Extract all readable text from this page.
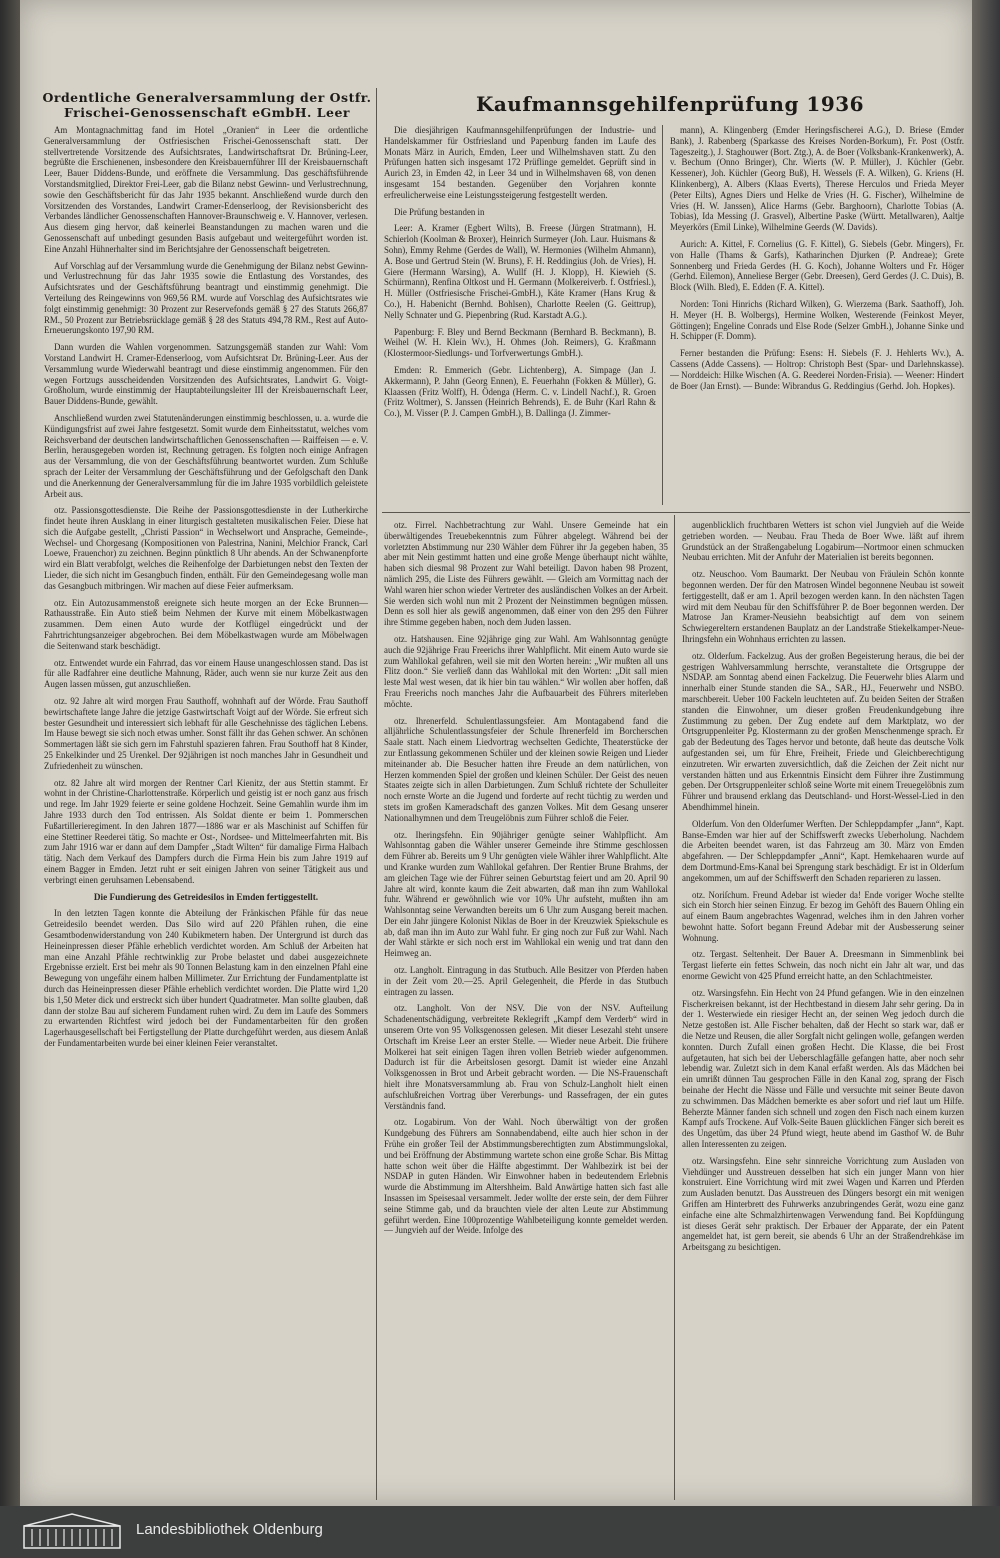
Ordentliche Generalversammlung der Ostfr. Frischei-Genossenschaft eGmbH. Leer	Kaufmannsgehilfenprüfung 1936

Am Montagnachmittag fand im Hotel „Oranien“ in Leer die ordentliche Generalversammlung der Ostfriesischen Frischei-Genossenschaft statt. Der stellvertretende Vorsitzende des Aufsichtsrates, Landwirtschaftsrat Dr. Brüning-Leer, begrüßte die Erschienenen, insbesondere den Kreisbauernführer III der Kreisbauernschaft Leer, Bauer Diddens-Bunde, und eröffnete die Versammlung. Das geschäftsführende Vorstandsmitglied, Direktor Frei-Leer, gab die Bilanz nebst Gewinn- und Verlustrechnung, sowie den Geschäftsbericht für das Jahr 1935 bekannt. Anschließend wurde durch den Vorsitzenden des Vorstandes, Landwirt Cramer-Edenserloog, der Revisionsbericht des Verbandes ländlicher Genossenschaften Hannover-Braunschweig e. V. Hannover, verlesen. Aus diesem ging hervor, daß keinerlei Beanstandungen zu machen waren und die Genossenschaft auf unbedingt gesunden Basis aufgebaut und weitergeführt worden ist. Eine Anzahl Hühnerhalter sind im Berichtsjahre der Genossenschaft beigetreten.

Auf Vorschlag auf der Versammlung wurde die Genehmigung der Bilanz nebst Gewinn- und Verlustrechnung für das Jahr 1935 sowie die Entlastung des Vorstandes, des Aufsichtsrates und der Geschäftsführung beantragt und einstimmig genehmigt. Die Verteilung des Reingewinns von 969,56 RM. wurde auf Vorschlag des Aufsichtsrates wie folgt einstimmig genehmigt: 30 Prozent zur Reservefonds gemäß § 27 des Statuts 266,87 RM., 50 Prozent zur Betriebsrücklage gemäß § 28 des Statuts 494,78 RM., Rest auf Auto-Erneuerungskonto 197,90 RM.

Dann wurden die Wahlen vorgenommen. Satzungsgemäß standen zur Wahl: Vom Vorstand Landwirt H. Cramer-Edenserloog, vom Aufsichtsrat Dr. Brüning-Leer. Aus der Versammlung wurde Wiederwahl beantragt und diese einstimmig angenommen. Für den wegen Fortzugs ausscheidenden Vorsitzenden des Aufsichtsrates, Landwirt G. Voigt-Großholum, wurde einstimmig der Hauptabteilungsleiter III der Kreisbauernschaft Leer, Bauer Diddens-Bunde, gewählt.

Anschließend wurden zwei Statutenänderungen einstimmig beschlossen, u. a. wurde die Kündigungsfrist auf zwei Jahre festgesetzt. Somit wurde dem Einheitsstatut, welches vom Reichsverband der deutschen landwirtschaftlichen Genossenschaften — Raiffeisen — e. V. Berlin, herausgegeben worden ist, Rechnung getragen. Es folgten noch einige Anfragen aus der Versammlung, die von der Geschäftsführung beantwortet wurden. Zum Schluße sprach der Leiter der Versammlung der Geschäftsführung und der Gefolgschaft den Dank und die Anerkennung der Generalversammlung für die im Jahre 1935 vorbildlich geleistete Arbeit aus.

otz. Passionsgottesdienste. Die Reihe der Passionsgottesdienste in der Lutherkirche findet heute ihren Ausklang in einer liturgisch gestalteten musikalischen Feier. Diese hat sich die Aufgabe gestellt, „Christi Passion“ in Wechselwort und Ansprache, Gemeinde-, Wechsel- und Chorgesang (Kompositionen von Palestrina, Nanini, Melchior Franck, Carl Loewe, Frauenchor) zu zeichnen. Beginn pünktlich 8 Uhr abends. An der Schwanenpforte wird ein Blatt verabfolgt, welches die Reihenfolge der Darbietungen nebst den Texten der Lieder, die sich nicht im Gesangbuch finden, enthält. Für den Gemeindegesang wolle man das Gesangbuch mitbringen. Wir machen auf diese Feier aufmerksam.

otz. Ein Autozusammenstoß ereignete sich heute morgen an der Ecke Brunnen—Rathausstraße. Ein Auto stieß beim Nehmen der Kurve mit einem Möbelkastwagen zusammen. Dem einen Auto wurde der Kotflügel eingedrückt und der Fahrtrichtungsanzeiger abgebrochen. Bei dem Möbelkastwagen wurde am Möbelwagen die Seitenwand stark beschädigt.

otz. Entwendet wurde ein Fahrrad, das vor einem Hause unangeschlossen stand. Das ist für alle Radfahrer eine deutliche Mahnung, Räder, auch wenn sie nur kurze Zeit aus den Augen lassen müssen, gut anzuschließen.

otz. 92 Jahre alt wird morgen Frau Sauthoff, wohnhaft auf der Wörde. Frau Sauthoff bewirtschaftete lange Jahre die jetzige Gastwirtschaft Voigt auf der Wörde. Sie erfreut sich bester Gesundheit und interessiert sich lebhaft für alle Geschehnisse des täglichen Lebens. Im Hause bewegt sie sich noch etwas umher. Sonst fällt ihr das Gehen schwer. An schönen Sommertagen läßt sie sich gern im Fahrstuhl spazieren fahren. Frau Southoff hat 8 Kinder, 25 Enkelkinder und 25 Urenkel. Der 92jährigen ist noch manches Jahr in Gesundheit und Zufriedenheit zu wünschen.

otz. 82 Jahre alt wird morgen der Rentner Carl Kienitz, der aus Stettin stammt. Er wohnt in der Christine-Charlottenstraße. Körperlich und geistig ist er noch ganz aus frisch und rege. Im Jahr 1929 feierte er seine goldene Hochzeit. Seine Gemahlin wurde ihm im Jahre 1933 durch den Tod entrissen. Als Soldat diente er beim 1. Pommerschen Fußartillerieregiment. In den Jahren 1877—1886 war er als Maschinist auf Schiffen für eine Stettiner Reederei tätig. So machte er Ost-, Nordsee- und Mittelmeerfahrten mit. Bis zum Jahr 1916 war er dann auf dem Dampfer „Stadt Wilten“ für damalige Firma Halbach tätig. Nach dem Verkauf des Dampfers durch die Firma Hein bis zum Jahre 1919 auf einem Bagger in Emden. Jetzt ruht er seit einigen Jahren von seiner Tätigkeit aus und verbringt einen geruhsamen Lebensabend.

Die Fundierung des Getreidesilos in Emden fertiggestellt.

In den letzten Tagen konnte die Abteilung der Fränkischen Pfähle für das neue Getreidesilo beendet werden. Das Silo wird auf 220 Pfählen ruhen, die eine Gesamtbodenwiderstandung von 240 Kubikmetern haben. Der Untergrund ist durch das Heineinpressen dieser Pfähle erheblich verdichtet worden. Am Schluß der Arbeiten hat man eine Anzahl Pfähle rechtwinklig zur Probe belastet und dabei ausgezeichnete Ergebnisse erzielt. Erst bei mehr als 90 Tonnen Belastung kam in den einzelnen Pfahl eine Bewegung von ungefähr einem halben Millimeter. Zur Errichtung der Fundamentplatte ist durch das Heineinpressen dieser Pfähle erheblich verdichtet worden. Die Platte wird 1,20 bis 1,50 Meter dick und erstreckt sich über hundert Quadratmeter. Man sollte glauben, daß dann der stolze Bau auf sicherem Fundament ruhen wird. Zu dem im Laufe des Sommers zu erwartenden Richtfest wird jedoch bei der Fundamentarbeiten für den großen Lagerhausgesellschaft bei Fertigstellung der Platte durchgeführt werden, aus diesem Anlaß der Fundamentarbeiten wurde bei einer kleinen Feier veranstaltet.

Die diesjährigen Kaufmannsgehilfenprüfungen der Industrie- und Handelskammer für Ostfriesland und Papenburg fanden im Laufe des Monats März in Aurich, Emden, Leer und Wilhelmshaven statt. Zu den Prüfungen hatten sich insgesamt 172 Prüflinge gemeldet. Geprüft sind in Aurich 23, in Emden 42, in Leer 34 und in Wilhelmshaven 68, von denen insgesamt 154 bestanden. Gegenüber den Vorjahren konnte erfreulicherweise eine Leistungssteigerung festgestellt werden.

Die Prüfung bestanden in

Leer: A. Kramer (Egbert Wilts), B. Freese (Jürgen Stratmann), H. Schierloh (Koolman & Broxer), Heinrich Surmeyer (Joh. Laur. Huismans & Sohn), Emmy Rehme (Gerdes de Wall), W. Hermonies (Wilhelm Ahmann), A. Bose und Gertrud Stein (W. Bruns), F. H. Reddingius (Joh. de Vries), H. Giere (Hermann Warsing), A. Wullf (H. J. Klopp), H. Kiewieh (S. Schürmann), Renfina Oltkost und H. Germann (Molkereiverb. f. Ostfriesl.), H. Müller (Ostfriesische Frischei-GmbH.), Käte Kramer (Hans Krug & Co.), H. Habenicht (Bernhd. Bohlsen), Charlotte Reelen (G. Geittrup), Nelly Schnater und G. Piepenbring (Rud. Karstadt A.G.).

Papenburg: F. Bley und Bernd Beckmann (Bernhard B. Beckmann), B. Weihel (W. H. Klein Wv.), H. Ohmes (Joh. Reimers), G. Kraßmann (Klostermoor-Siedlungs- und Torfverwertungs GmbH.).

Emden: R. Emmerich (Gebr. Lichtenberg), A. Simpage (Jan J. Akkermann), P. Jahn (Georg Ennen), E. Feuerhahn (Fokken & Müller), G. Klaassen (Fritz Wolff), H. Ödenga (Herm. C. v. Lindell Nachf.), R. Groen (Fritz Woltmer), S. Janssen (Heinrich Behrends), E. de Buhr (Karl Rahn & Co.), M. Visser (P. J. Campen GmbH.), B. Dallinga (J. Zimmer-

mann), A. Klingenberg (Emder Heringsfischerei A.G.), D. Briese (Emder Bank), J. Rabenberg (Sparkasse des Kreises Norden-Borkum), Fr. Post (Ostfr. Tageszeitg.), J. Staghouwer (Bort. Ztg.), A. de Boer (Volksbank-Krankenwerk), A. v. Bechum (Onno Bringer), Chr. Wierts (W. P. Müller), J. Küchler (Gebr. Kessener), Joh. Küchler (Georg Buß), H. Wessels (F. A. Wilken), G. Kriens (H. Klinkenberg), A. Albers (Klaas Everts), Therese Herculos und Frieda Meyer (Peter Eilts), Agnes Diers und Helke de Vries (H. G. Fischer), Wilhelmine de Vries (H. W. Janssen), Alice Harms (Gebr. Barghoorn), Charlotte Tobias (A. Tobias), Ida Messing (J. Grasvel), Albertine Paske (Württ. Metallwaren), Aaltje Meyerkörs (Emil Linke), Wilhelmine Geerds (W. Davids).

Aurich: A. Kittel, F. Cornelius (G. F. Kittel), G. Siebels (Gebr. Mingers), Fr. von Halle (Thams & Garfs), Katharinchen Djurken (P. Andreae); Grete Sonnenberg und Frieda Gerdes (H. G. Koch), Johanne Wolters und Fr. Höger (Gerhd. Eilemon), Anneliese Berger (Gebr. Dreesen), Gerd Gerdes (J. C. Duis), B. Block (Wilh. Bled), E. Edden (F. A. Kittel).

Norden: Toni Hinrichs (Richard Wilken), G. Wierzema (Bark. Saathoff), Joh. H. Meyer (H. B. Wolbergs), Hermine Wolken, Westerende (Feinkost Meyer, Göttingen); Engeline Conrads und Else Rode (Selzer GmbH.), Johanne Sinke und H. Schipper (F. Domm).

Ferner bestanden die Prüfung: Esens: H. Siebels (F. J. Hehlerts Wv.), A. Cassens (Adde Cassens). — Holtrop: Christoph Best (Spar- und Darlehnskasse). — Norddeich: Hilke Wischen (A. G. Reederei Norden-Frisia). — Weener: Hindert de Boer (Jan Ernst). — Bunde: Wibrandus G. Reddingius (Gerhd. Joh. Hopkes).

otz. Firrel. Nachbetrachtung zur Wahl. Unsere Gemeinde hat ein überwältigendes Treuebekenntnis zum Führer abgelegt. Während bei der vorletzten Abstimmung nur 230 Wähler dem Führer ihr Ja gegeben haben, 35 aber mit Nein gestimmt hatten und eine große Menge überhaupt nicht wählte, haben sich diesmal 98 Prozent zur Wahl beteiligt. Davon haben 98 Prozent, nämlich 295, die Liste des Führers gewählt. — Gleich am Vormittag nach der Wahl waren hier schon wieder Vertreter des ausländischen Volkes an der Arbeit. Sie werden sich wohl nun mit 2 Prozent der Neinstimmen begnügen müssen. Denn es soll hier als gewiß angenommen, daß einer von den 295 den Führer ihre Stimme gegeben haben, noch dem Juden lassen.

otz. Hatshausen. Eine 92jährige ging zur Wahl. Am Wahlsonntag genügte auch die 92jährige Frau Freerichs ihrer Wahlpflicht. Mit einem Auto wurde sie zum Wahllokal gefahren, weil sie mit den Worten herein: „Wir mußten all uns Flitz doon.“ Sie verließ dann das Wahllokal mit den Worten: „Dit sall mien leste Mal west wesen, dat ik hier bin tau wählen.“ Wir wollen aber hoffen, daß Frau Freerichs noch manches Jahr die Aufbauarbeit des Führers miterleben möchte.

otz. Ihrenerfeld. Schulentlassungsfeier. Am Montagabend fand die alljährliche Schulentlassungsfeier der Schule Ihrenerfeld im Borcherschen Saale statt. Nach einem Liedvortrag wechselten Gedichte, Theaterstücke der zur Entlassung gekommenen Schüler und der kleinen sowie Reigen und Lieder miteinander ab. Die Besucher hatten ihre Freude an dem natürlichen, von Herzen kommenden Spiel der großen und kleinen Schüler. Der Geist des neuen Staates zeigte sich in allen Darbietungen. Zum Schluß richtete der Schulleiter noch ernste Worte an die Jugend und forderte auf recht tüchtig zu werden und stets im großen Kameradschaft des ganzen Volkes. Mit dem Gesang unserer Nationalhymnen und dem Treugelöbnis zum Führer schloß die Feier.

otz. Iheringsfehn. Ein 90jähriger genügte seiner Wahlpflicht. Am Wahlsonntag gaben die Wähler unserer Gemeinde ihre Stimme geschlossen dem Führer ab. Bereits um 9 Uhr genügten viele Wähler ihrer Wahlpflicht. Alte und Kranke wurden zum Wahllokal gefahren. Der Rentier Brune Brahms, der am gleichen Tage wie der Führer seinen Geburtstag feiert und am 20. April 90 Jahre alt wird, konnte kaum die Zeit abwarten, daß man ihn zum Wahllokal fuhr. Während er gewöhnlich wie vor 10% Uhr aufsteht, mußten ihn am Wahlsonntag seine Verwandten bereits um 6 Uhr zum Ausgang bereit machen. Der ein Jahr jüngere Kolonist Niklas de Boer in der Kreuzwiek Spiekschule es ab, daß man ihn im Auto zur Wahl fuhr. Er ging noch zur Fuß zur Wahl. Nach der Wahl stärkte er sich noch erst im Wahllokal ein wenig und trat dann den Heimweg an.

otz. Langholt. Eintragung in das Stutbuch. Alle Besitzer von Pferden haben in der Zeit vom 20.—25. April Gelegenheit, die Pferde in das Stutbuch eintragen zu lassen.

otz. Langholt. Von der NSV. Die von der NSV. Aufteilung Schadenentschädigung, verbreitete Reklegrift „Kampf dem Verderb“ wird in unserem Orte von 95 Volksgenossen gelesen. Mit dieser Lesezahl steht unsere Ortschaft im Kreise Leer an erster Stelle. — Wieder neue Arbeit. Die frühere Molkerei hat seit einigen Tagen ihren vollen Betrieb wieder aufgenommen. Dadurch ist für die Arbeitslosen gesorgt. Damit ist wieder eine Anzahl Volksgenossen in Brot und Arbeit gebracht worden. — Die NS-Frauenschaft hielt ihre Monatsversammlung ab. Frau von Schulz-Langholt hielt einen aufschlußreichen Vortrag über Vererbungs- und Rassefragen, der ein gutes Verständnis fand.

otz. Logabirum. Von der Wahl. Noch überwältigt von der großen Kundgebung des Führers am Sonnabendabend, eilte auch hier schon in der Frühe ein großer Teil der Abstimmungsberechtigten zum Abstimmungslokal, und bei Eröffnung der Abstimmung wartete schon eine große Schar. Bis Mittag hatte schon weit über die Hälfte abgestimmt. Der Wahlbezirk ist bei der NSDAP in guten Händen. Wir Einwohner haben in bedeutendem Erlebnis wurde die Abstimmung im Altershheim. Bald Anwärtige hatten sich fast alle Insassen im Speisesaal versammelt. Jeder wollte der erste sein, der dem Führer seine Stimme gab, und da brauchten viele der alten Leute zur Abstimmung geführt werden. Eine 100prozentige Wahlbeteiligung konnte gemeldet werden. — Jungvieh auf der Weide. Infolge des

augenblicklich fruchtbaren Wetters ist schon viel Jungvieh auf die Weide getrieben worden. — Neubau. Frau Theda de Boer Wwe. läßt auf ihrem Grundstück an der Straßengabelung Logabirum—Nortmoor einen schmucken Neubau errichten. Mit der Anfuhr der Materialien ist bereits begonnen.

otz. Neuschoo. Vom Baumarkt. Der Neubau von Fräulein Schön konnte begonnen werden. Der für den Matrosen Windel begonnene Neubau ist soweit fertiggestellt, daß er am 1. April bezogen werden kann. In den nächsten Tagen wird mit dem Neubau für den Schiffsführer P. de Boer begonnen werden. Der Matrose Jan Kramer-Neusiehn beabsichtigt auf dem von seinem Schwiegereltern erstandenen Bauplatz an der Landstraße Stiekelkamper-Neue-Ihringsfehn ein Wohnhaus errichten zu lassen.

otz. Olderſum. Fackelzug. Aus der großen Begeisterung heraus, die bei der gestrigen Wahlversammlung herrschte, veranstaltete die Ortsgruppe der NSDAP. am Sonntag abend einen Fackelzug. Die Feuerwehr blies Alarm und innerhalb einer Stunde standen die SA., SAR., HJ., Feuerwehr und NSBO. marschbereit. Ueber 100 Fackeln leuchteten auf. Zu beiden Seiten der Straßen standen die Einwohner, um dieser großen Freudenkundgebung ihre Zustimmung zu geben. Der Zug endete auf dem Marktplatz, wo der Ortsgruppenleiter Pg. Klostermann zu der großen Menschenmenge sprach. Er gab der Bedeutung des Tages hervor und betonte, daß heute das deutsche Volk aufgestanden sei, um für Ehre, Freiheit, Friede und Gleichberechtigung einzutreten. Wir erwarten zuversichtlich, daß die Zeichen der Zeit nicht nur verstanden hätten und aus Erkenntnis Einsicht dem Führer ihre Zustimmung geben. Der Ortsgruppenleiter schloß seine Worte mit einem Treuegelöbnis zum Führer und brausend erklang das Deutschland- und Horst-Wessel-Lied in den Abendhimmel hinein.

Olderſum. Von den Olderſumer Werften. Der Schleppdampfer „Jann“, Kapt. Banse-Emden war hier auf der Schiffswerft zwecks Ueberholung. Nachdem die Arbeiten beendet waren, ist das Fahrzeug am 30. März von Emden abgefahren. — Der Schleppdampfer „Anni“, Kapt. Hemkehaaren wurde auf dem Dortmund-Ems-Kanal bei Sprengung stark beschädigt. Er ist in Olderſum angekommen, um auf der Schiffswerft den Schaden reparieren zu lassen.

otz. Noriſchum. Freund Adebar ist wieder da! Ende voriger Woche stellte sich ein Storch hier seinen Einzug. Er bezog im Gehöft des Bauern Ohling ein auf einem Baum angebrachtes Wagenrad, welches ihm in den Jahren vorher bewohnt hatte. Sofort begann Freund Adebar mit der Ausbesserung seiner Wohnung.

otz. Tergast. Seltenheit. Der Bauer A. Dreesmann in Simmenblink bei Tergast lieferte ein fettes Schwein, das noch nicht ein Jahr alt war, und das enorme Gewicht von 425 Pfund erreicht hatte, an den Schlachtmeister.

otz. Warsingsfehn. Ein Hecht von 24 Pfund gefangen. Wie in den einzelnen Fischerkreisen bekannt, ist der Hechtbestand in diesem Jahr sehr gering. Da in der 1. Westerwiede ein riesiger Hecht an, der seinen Weg jedoch durch die Netze gestoßen ist. Alle Fischer behalten, daß der Hecht so stark war, daß er die Netze und Reusen, die aller Sorgfalt nicht gelingen wolle, gefangen werden konnten. Durch Zufall einen großen Hecht. Die Klasse, die bei Frost aufgetauten, hat sich bei der Ueberschlagfälle gefangen hatte, aber noch sehr lebendig war. Zuletzt sich in dem Kanal erfaßt werden. Als das Mädchen bei ein umrißt dünnen Tau gesprochen Fälle in den Kanal zog, sprang der Fisch beinahe der Hecht die Nässe und Fälle und versuchte mit seiner Beute davon zu schwimmen. Das Mädchen bemerkte es aber sofort und rief laut um Hilfe. Beherzte Männer fanden sich schnell und zogen den Fisch nach einem kurzen Kampf aufs Trockene. Auf Volk-Seite Bauen glücklichen Fänger sich bereit es des Ungetüm, das über 24 Pfund wiegt, heute abend im Gasthof W. de Buhr allen Interessenten zu zeigen.

otz. Warsingsfehn. Eine sehr sinnreiche Vorrichtung zum Ausladen von Viehdünger und Ausstreuen desselben hat sich ein junger Mann von hier konstruiert. Eine Vorrichtung wird mit zwei Wagen und Karren und Pferden zum Ausladen benutzt. Das Ausstreuen des Düngers besorgt ein mit wenigen Griffen am Hinterbrett des Fuhrwerks anzubringendes Gerät, wozu eine ganz einfache eine alte Schmalzhirtenwagen Verwendung fand. Bei Kopfdüngung ist dieses Gerät sehr praktisch. Der Erbauer der Apparate, der ein Patent angemeldet hat, ist gern bereit, sie abends 6 Uhr an der Straßendrehkäse im Arbeitsgang zu besichtigen.

Landesbibliothek Oldenburg
